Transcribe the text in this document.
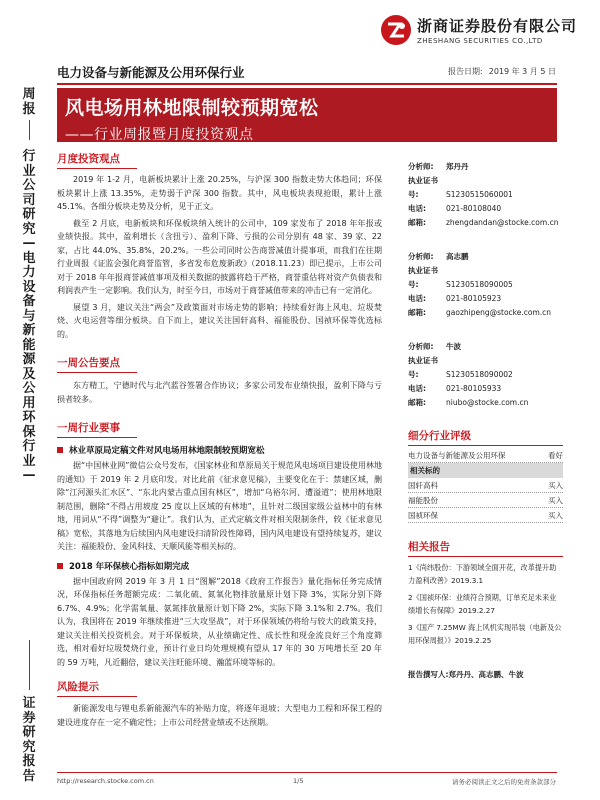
浙商证券股份有限公司
ZHESHANG SECURITIES CO.,LTD
电力设备与新能源及公用环保行业	报告日期: 2019 年 3 月 5 日
周报
行业公司研究—电力设备与新能源及公用环保行业—
证券研究报告
风电场用林地限制较预期宽松
——行业周报暨月度投资观点
月度投资观点

2019 年 1-2 月，电新板块累计上涨 20.25%，与沪深 300 指数走势大体趋同；环保板块累计上涨 13.35%，走势弱于沪深 300 指数。其中，风电板块表现抢眼，累计上涨 45.1%。各细分板块走势及分析，见于正文。

截至 2 月底，电新板块和环保板块纳入统计的公司中，109 家发布了 2018 年年报或业绩快报。其中，盈利增长（含扭亏）、盈利下降、亏损的公司分别有 48 家、39 家、22 家，占比 44.0%、35.8%、20.2%。一些公司同时公告商誉减值计提事项，而我们在往期行业周报《证监会强化商誉监管，多省发布危废新政》（2018.11.23）即已提示，上市公司对于 2018 年年报商誉减值事项及相关数据的披露将趋于严格，商誉重估将对资产负债表和利润表产生一定影响。我们认为，时至今日，市场对于商誉减值带来的冲击已有一定消化。

展望 3 月，建议关注“两会”及政策面对市场走势的影响；持续看好海上风电、垃圾焚烧、火电运营等细分板块。自下而上，建议关注国轩高科、福能股份、国祯环保等优选标的。

一周公告要点

东方精工，宁德时代与北汽蓝谷签署合作协议；多家公司发布业绩快报，盈利下降与亏损者较多。

一周行业要事
林业草原局定稿文件对风电场用林地限制较预期宽松

据“中国林业网”微信公众号发布，《国家林业和草原局关于规范风电场项目建设使用林地的通知》于 2019 年 2 月底印发。对比此前《征求意见稿》，主要变化在于：禁建区域，删除“江河源头汇水区”、“东北内蒙古重点国有林区”，增加“乌裕尔河、遭溢道”；使用林地限制范围，删除“不得占用坡度 25 度以上区域的有林地”，且针对二级国家级公益林中的有林地，用词从“不得”调整为“避让”。我们认为，正式定稿文件对相关限制条件，较《征求意见稿》宽松，其落地为后续国内风电建设扫清阶段性障碍，国内风电建设有望持续复苏，建议关注：福能股份、金风科技、天顺风能等相关标的。

2018 年环保核心指标如期完成

据中国政府网 2019 年 3 月 1 日“图解”2018《政府工作报告》量化指标任务完成情况，环保指标任务超额完成：二氧化硫、氮氧化物排放量原计划下降 3%，实际分别下降 6.7%、4.9%；化学需氧量、氨氮排放量原计划下降 2%，实际下降 3.1%和 2.7%。我们认为，我国将在 2019 年继续推进“三大攻坚战”，对于环保领域仍将给与较大的政策支持，建议关注相关投资机会。对于环保板块，从业绩确定性、成长性和现金流良好三个角度筛选，相对看好垃圾焚烧行业，预计行业日均处理规模有望从 17 年的 30 万吨增长至 20 年的 59 万吨，凡近翻倍，建议关注旺能环境、瀚蓝环境等标的。

风险提示

新能源发电与锂电系新能源汽车的补贴力度，将逐年退坡；大型电力工程和环保工程的建设进度存在一定不确定性；上市公司经营业绩或不达预期。

分析师: 郑丹丹
执业证书号:	S1230515060001
电话:	021-80108040
邮箱:	zhengdandan@stocke.com.cn
分析师: 高志鹏
执业证书号:	S1230518090005
电话:	021-80105923
邮箱:	gaozhipeng@stocke.com.cn
分析师: 牛波
执业证书号:	S1230518090002
电话:	021-80105933
邮箱:	niubo@stocke.com.cn
细分行业评级
电力设备与新能源及公用环保	看好
相关标的
国轩高科	买入
福能股份	买入
国祯环保	买入
相关报告
1《尚纬股份：下游领域全面开花，改革提升助力盈利改善》2019.3.1
2《国祯环保：业绩符合预期，订单充足未来业绩增长有保障》2019.2.27
3《国产 7.25MW 海上风机实现吊装（电新及公用环保周报）》2019.2.25
报告撰写人:郑丹丹、高志鹏、牛波
http://research.stocke.com.cn	1/5	请务必阅读正文之后的免责条款部分
